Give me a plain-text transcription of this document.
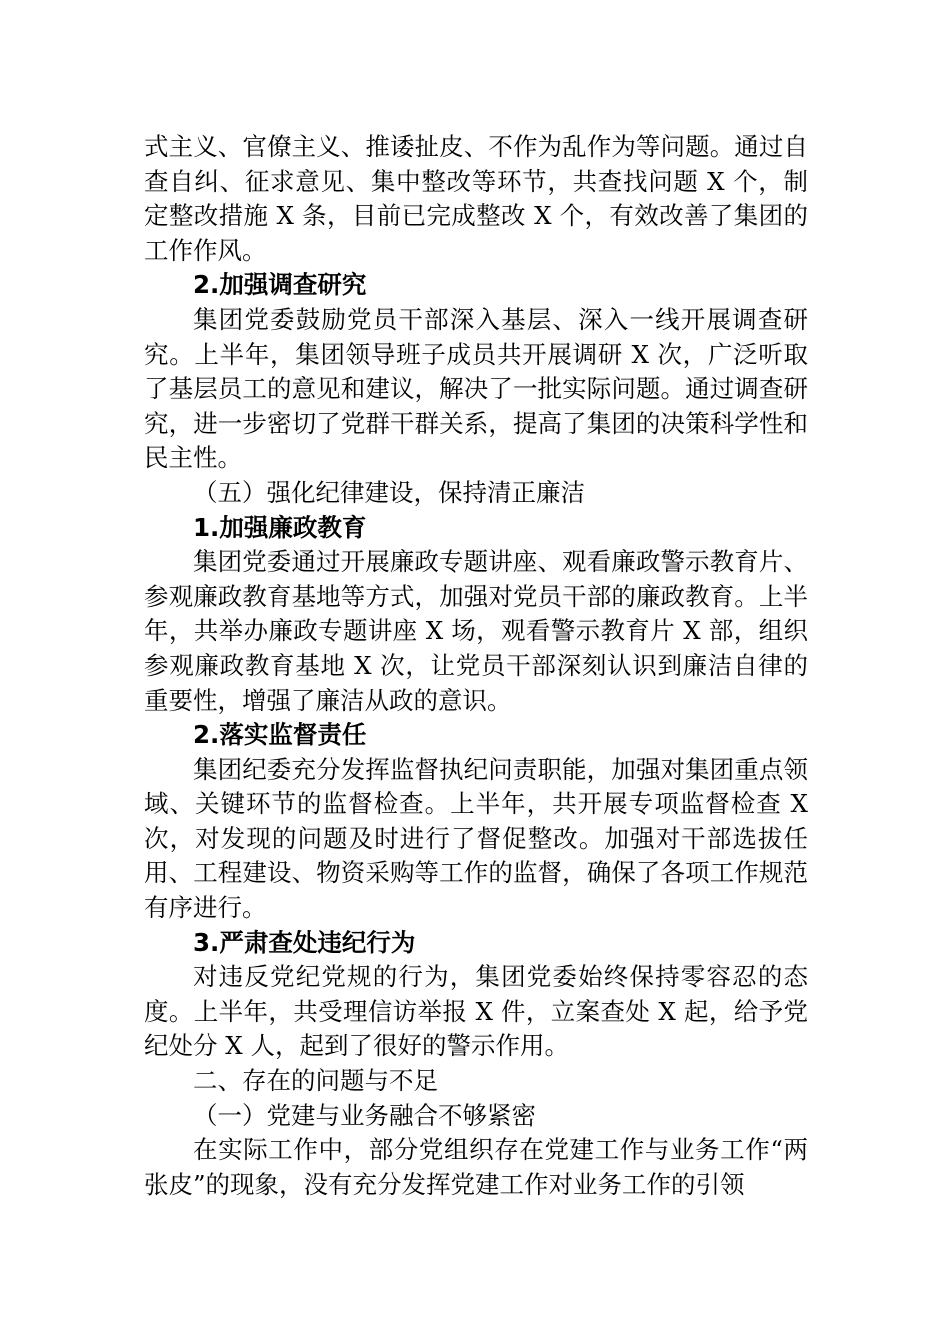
式主义、官僚主义、推诿扯皮、不作为乱作为等问题。通过自查自纠、征求意见、集中整改等环节，共查找问题 X 个，制定整改措施 X 条，目前已完成整改 X 个，有效改善了集团的工作作风。

2.加强调查研究

集团党委鼓励党员干部深入基层、深入一线开展调查研究。上半年，集团领导班子成员共开展调研 X 次，广泛听取了基层员工的意见和建议，解决了一批实际问题。通过调查研究，进一步密切了党群干群关系，提高了集团的决策科学性和民主性。

（五）强化纪律建设，保持清正廉洁

1.加强廉政教育

集团党委通过开展廉政专题讲座、观看廉政警示教育片、参观廉政教育基地等方式，加强对党员干部的廉政教育。上半年，共举办廉政专题讲座 X 场，观看警示教育片 X 部，组织参观廉政教育基地 X 次，让党员干部深刻认识到廉洁自律的重要性，增强了廉洁从政的意识。

2.落实监督责任

集团纪委充分发挥监督执纪问责职能，加强对集团重点领域、关键环节的监督检查。上半年，共开展专项监督检查 X 次，对发现的问题及时进行了督促整改。加强对干部选拔任用、工程建设、物资采购等工作的监督，确保了各项工作规范有序进行。

3.严肃查处违纪行为

对违反党纪党规的行为，集团党委始终保持零容忍的态度。上半年，共受理信访举报 X 件，立案查处 X 起，给予党纪处分 X 人，起到了很好的警示作用。

二、存在的问题与不足

（一）党建与业务融合不够紧密

在实际工作中，部分党组织存在党建工作与业务工作“两张皮”的现象，没有充分发挥党建工作对业务工作的引领
